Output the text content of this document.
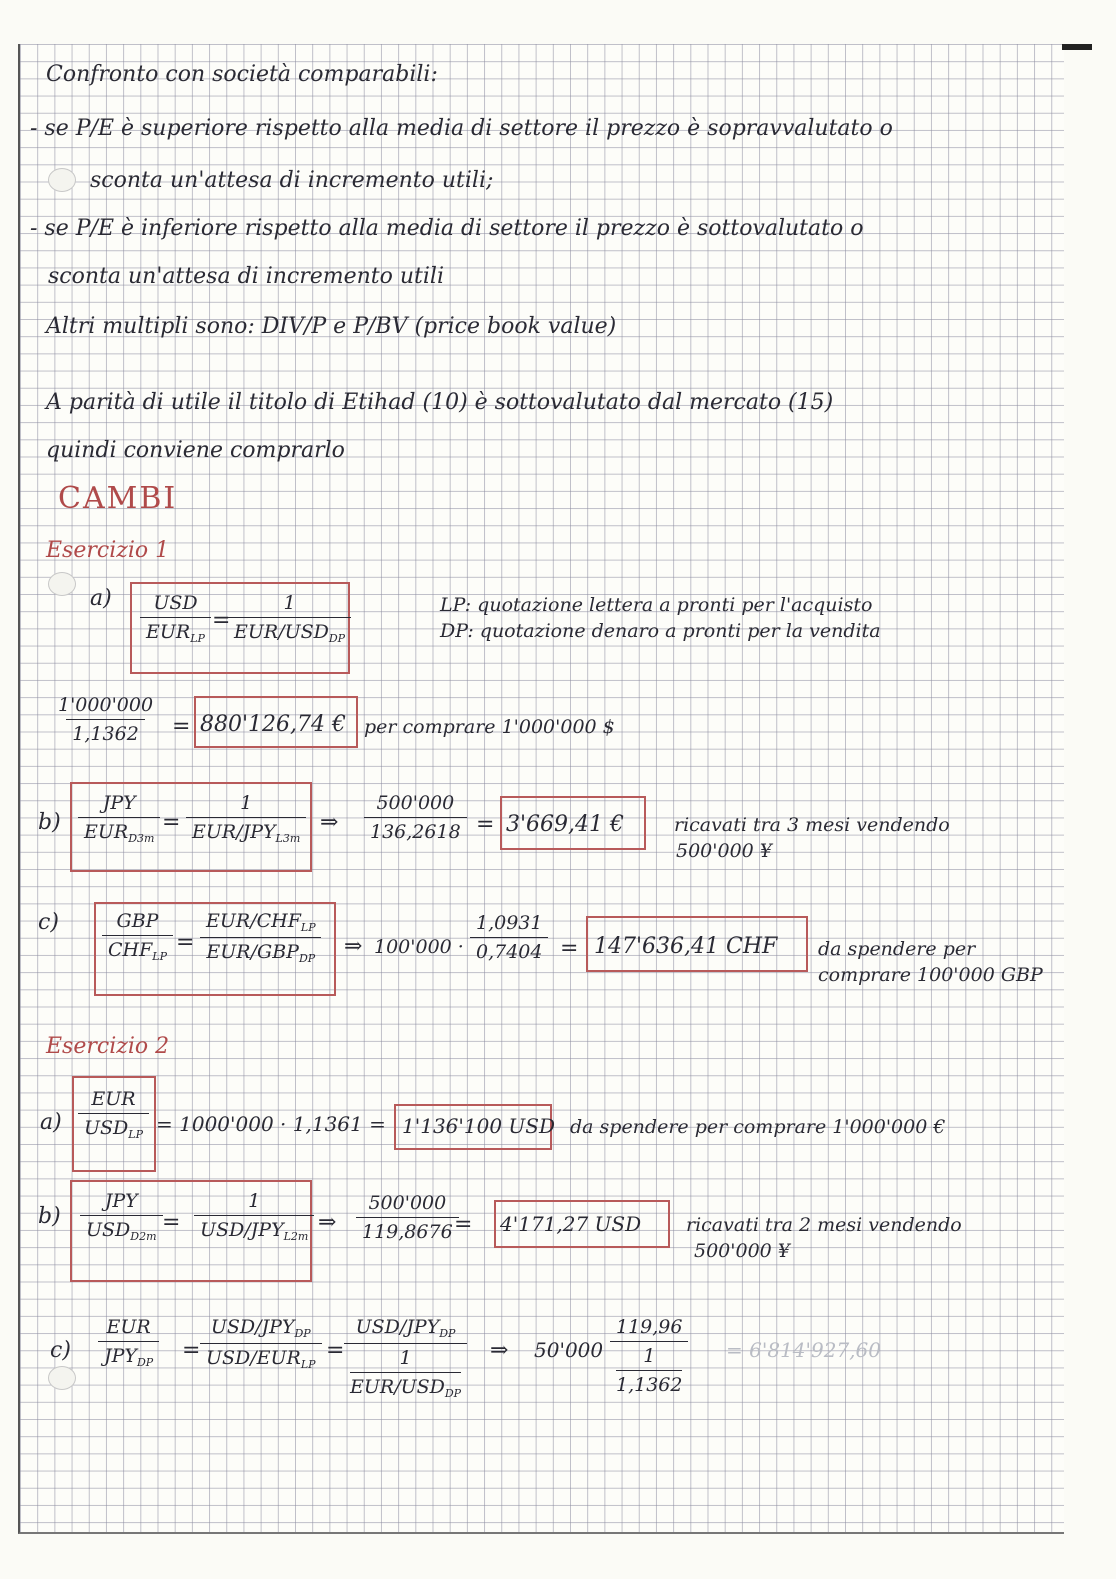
Confronto con società comparabili:
- se P/E è superiore rispetto alla media di settore il prezzo è sopravvalutato o
sconta un'attesa di incremento utili;
- se P/E è inferiore rispetto alla media di settore il prezzo è sottovalutato o
sconta un'attesa di incremento utili
Altri multipli sono: DIV/P e P/BV (price book value)
A parità di utile il titolo di Etihad (10) è sottovalutato dal mercato (15)
quindi conviene comprarlo
CAMBI
Esercizio 1
a)	USD
$EUR_{LP}$
=
1
EUR/$USD_{DP}$
LP: quotazione lettera a pronti per l'acquisto
DP: quotazione denaro a pronti per la vendita
$\frac{1'000'000}{1,1362} = 880'126,74$ € per comprare 1'000'000 $
b)
JPY
$EUR_{D3m}$
=
1
EUR/$JPY_{L3m}$
⇒ $\frac{500'000}{136,2618} = 3'669,41$ €	ricavati tra 3 mesi vendendo
500'000 ¥
c)	GBP
$CHF_{LP}$
=
EUR/$CHF_{LP}$
EUR/$GBP_{DP}$ ⇒ $100'000 \cdot \frac{1,0931}{0,7404} = 147'636,41$ CHF da spendere per
comprare 100'000 GBP
Esercizio 2
a)
EUR
$USD_{LP} = 1000'000 \cdot 1,1361 = 1'136'100$ USD da spendere per comprare 1'000'000 €
b)
JPY
$USD_{D2m}$
=
1
USD/$JPY_{L2m}$
⇒ $\frac{500'000}{119,8676}$
= 4'171,27 USD ricavati tra 2 mesi vendendo
500'000 ¥
c)
EUR
$JPY_{DP}$ =
USD/$JPY_{DP}$
USD/$EUR_{LP}$
=
USD/$JPY_{DP}$
1
EUR/$USD_{DP}$
⇒ 50'000 119,96
1
1,1362 = 6'814'927,60
